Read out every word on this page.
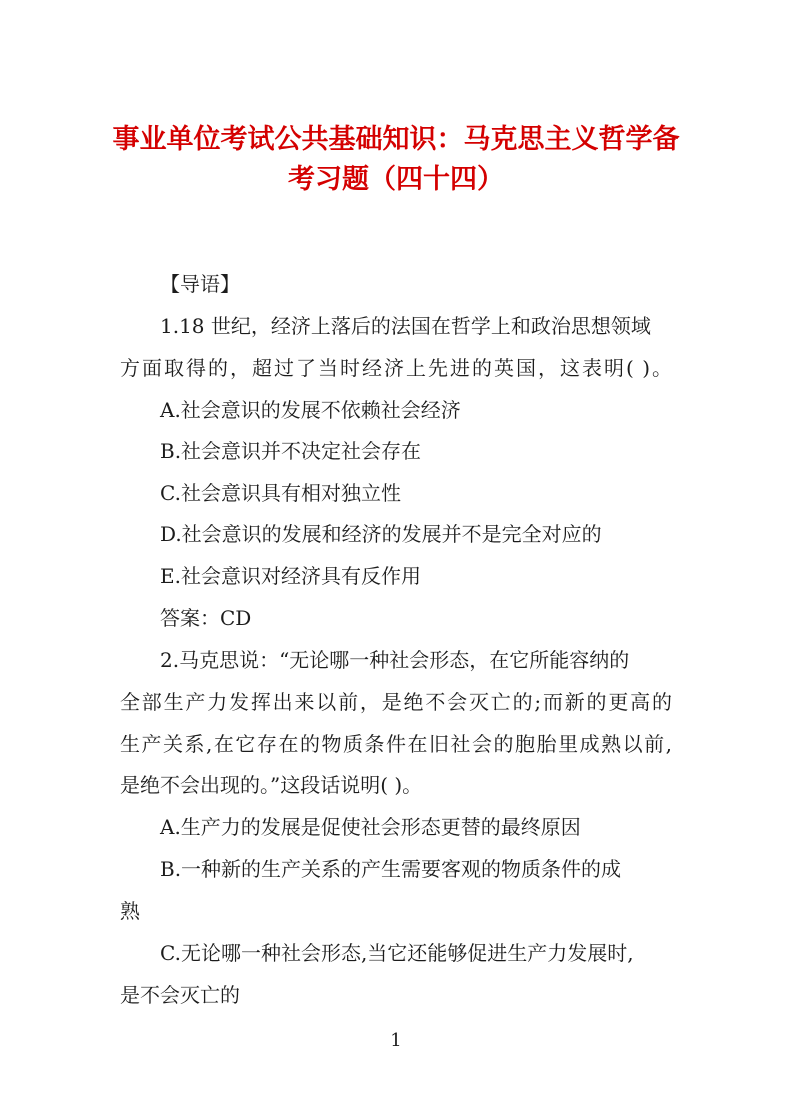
事业单位考试公共基础知识：马克思主义哲学备
考习题（四十四）
【导语】
1.18 世纪，经济上落后的法国在哲学上和政治思想领域
方面取得的，超过了当时经济上先进的英国，这表明( )。
A.社会意识的发展不依赖社会经济
B.社会意识并不决定社会存在
C.社会意识具有相对独立性
D.社会意识的发展和经济的发展并不是完全对应的
E.社会意识对经济具有反作用
答案：CD
2.马克思说：“无论哪一种社会形态，在它所能容纳的
全部生产力发挥出来以前，是绝不会灭亡的;而新的更高的
生产关系,在它存在的物质条件在旧社会的胞胎里成熟以前,
是绝不会出现的。”这段话说明( )。
A.生产力的发展是促使社会形态更替的最终原因
B.一种新的生产关系的产生需要客观的物质条件的成
熟
C.无论哪一种社会形态,当它还能够促进生产力发展时,
是不会灭亡的
1
